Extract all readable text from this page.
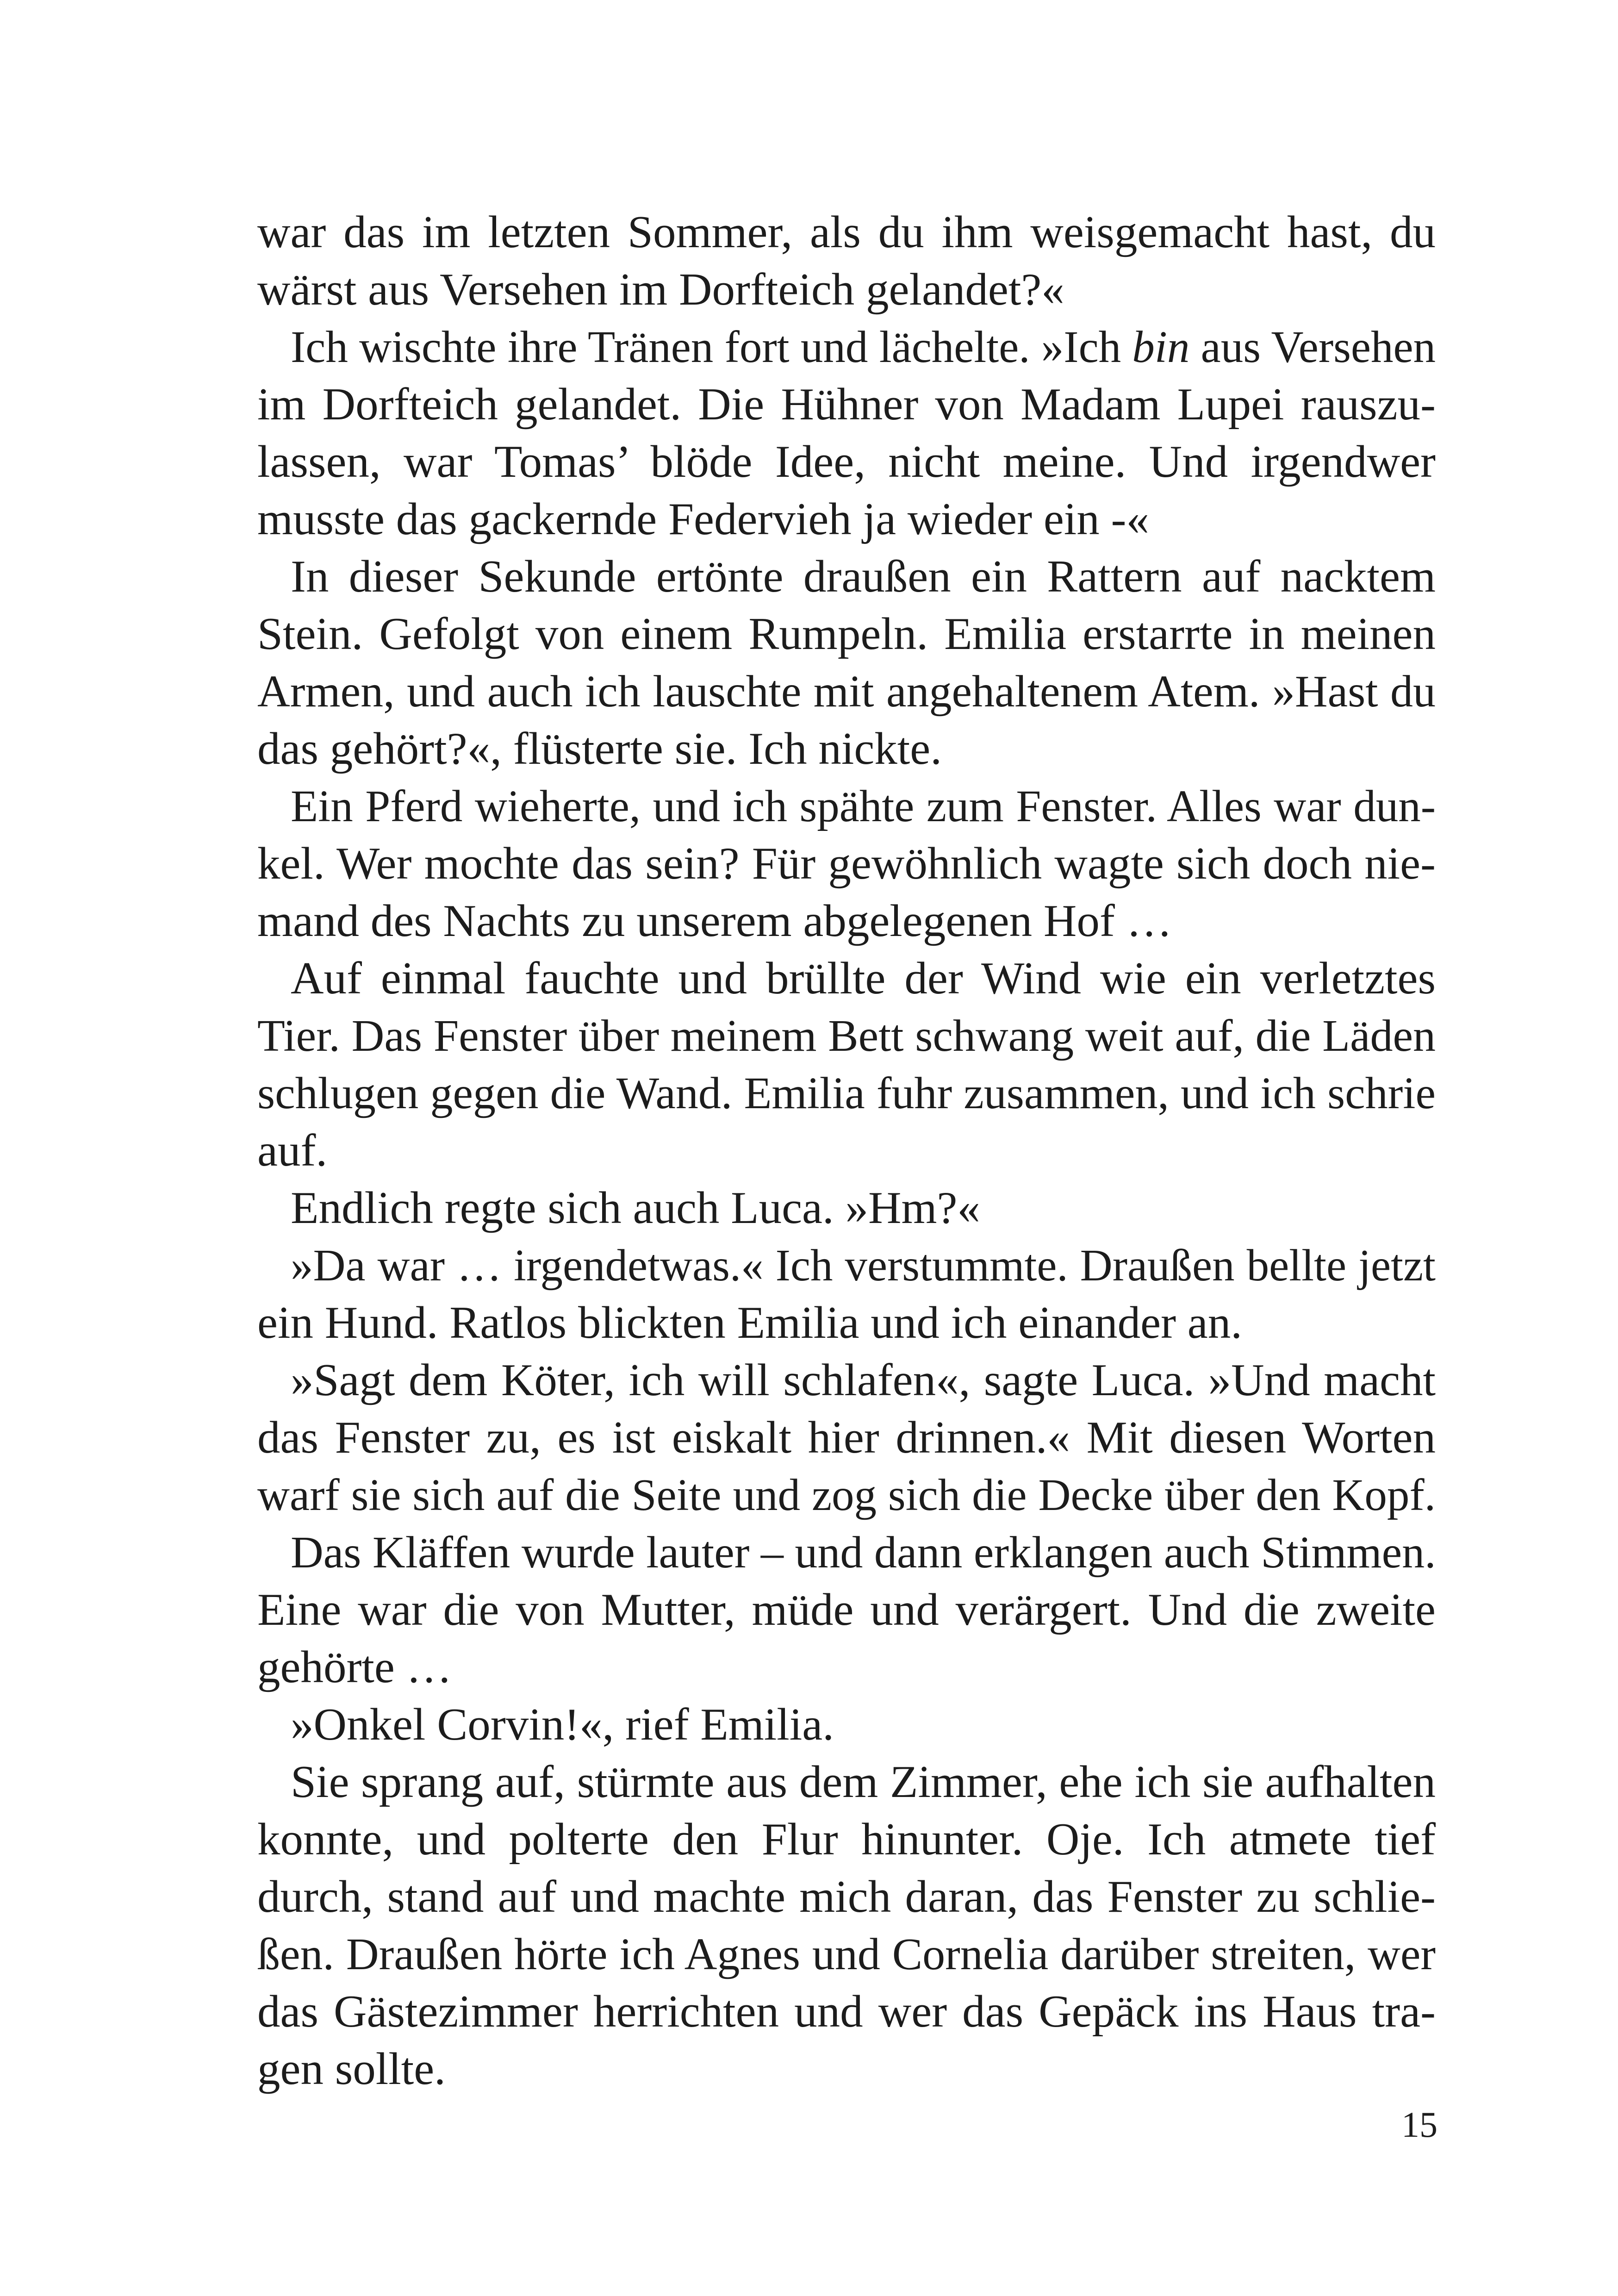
war das im letzten Sommer, als du ihm weisgemacht hast, du
wärst aus Versehen im Dorfteich gelandet?«
Ich wischte ihre Tränen fort und lächelte. »Ich bin aus Versehen
im Dorfteich gelandet. Die Hühner von Madam Lupei rauszu-
lassen, war Tomas’ blöde Idee, nicht meine. Und irgendwer
musste das gackernde Federvieh ja wieder ein -«
In dieser Sekunde ertönte draußen ein Rattern auf nacktem
Stein. Gefolgt von einem Rumpeln. Emilia erstarrte in meinen
Armen, und auch ich lauschte mit angehaltenem Atem. »Hast du
das gehört?«, flüsterte sie. Ich nickte.
Ein Pferd wieherte, und ich spähte zum Fenster. Alles war dun-
kel. Wer mochte das sein? Für gewöhnlich wagte sich doch nie-
mand des Nachts zu unserem abgelegenen Hof …
Auf einmal fauchte und brüllte der Wind wie ein verletztes
Tier. Das Fenster über meinem Bett schwang weit auf, die Läden
schlugen gegen die Wand. Emilia fuhr zusammen, und ich schrie
auf.
Endlich regte sich auch Luca. »Hm?«
»Da war … irgendetwas.« Ich verstummte. Draußen bellte jetzt
ein Hund. Ratlos blickten Emilia und ich einander an.
»Sagt dem Köter, ich will schlafen«, sagte Luca. »Und macht
das Fenster zu, es ist eiskalt hier drinnen.« Mit diesen Worten
warf sie sich auf die Seite und zog sich die Decke über den Kopf.
Das Kläffen wurde lauter – und dann erklangen auch Stimmen.
Eine war die von Mutter, müde und verärgert. Und die zweite
gehörte …
»Onkel Corvin!«, rief Emilia.
Sie sprang auf, stürmte aus dem Zimmer, ehe ich sie aufhalten
konnte, und polterte den Flur hinunter. Oje. Ich atmete tief
durch, stand auf und machte mich daran, das Fenster zu schlie-
ßen. Draußen hörte ich Agnes und Cornelia darüber streiten, wer
das Gästezimmer herrichten und wer das Gepäck ins Haus tra-
gen sollte.
15
